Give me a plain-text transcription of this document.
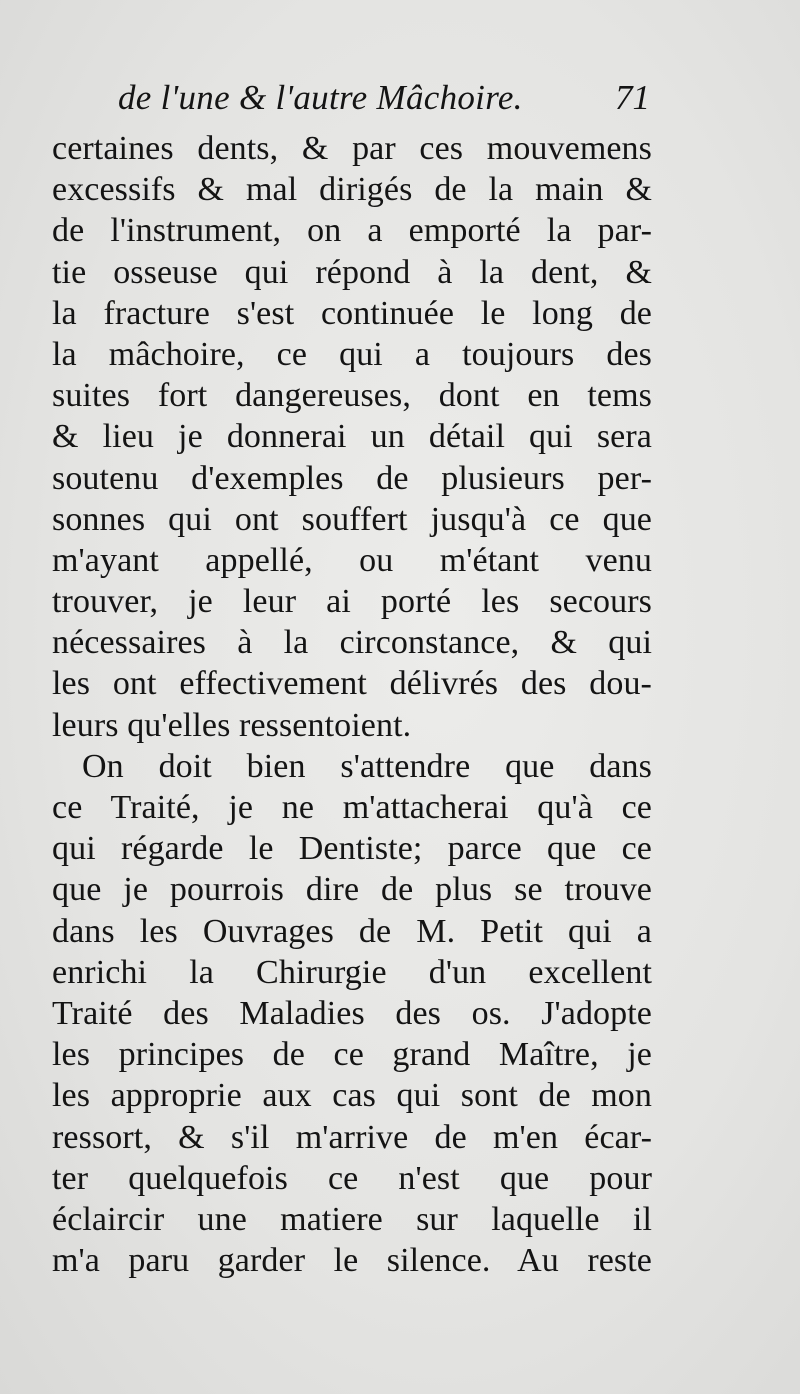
de l'une & l'autre Mâchoire.	71
certaines dents, & par ces mouvemens
excessifs & mal dirigés de la main &
de l'instrument, on a emporté la par-
tie osseuse qui répond à la dent, &
la fracture s'est continuée le long de
la mâchoire, ce qui a toujours des
suites fort dangereuses, dont en tems
& lieu je donnerai un détail qui sera
soutenu d'exemples de plusieurs per-
sonnes qui ont souffert jusqu'à ce que
m'ayant appellé, ou m'étant venu
trouver, je leur ai porté les secours
nécessaires à la circonstance, & qui
les ont effectivement délivrés des dou-
leurs qu'elles ressentoient.
On doit bien s'attendre que dans
ce Traité, je ne m'attacherai qu'à ce
qui régarde le Dentiste; parce que ce
que je pourrois dire de plus se trouve
dans les Ouvrages de M. Petit qui a
enrichi la Chirurgie d'un excellent
Traité des Maladies des os. J'adopte
les principes de ce grand Maître, je
les approprie aux cas qui sont de mon
ressort, & s'il m'arrive de m'en écar-
ter quelquefois ce n'est que pour
éclaircir une matiere sur laquelle il
m'a paru garder le silence. Au reste
